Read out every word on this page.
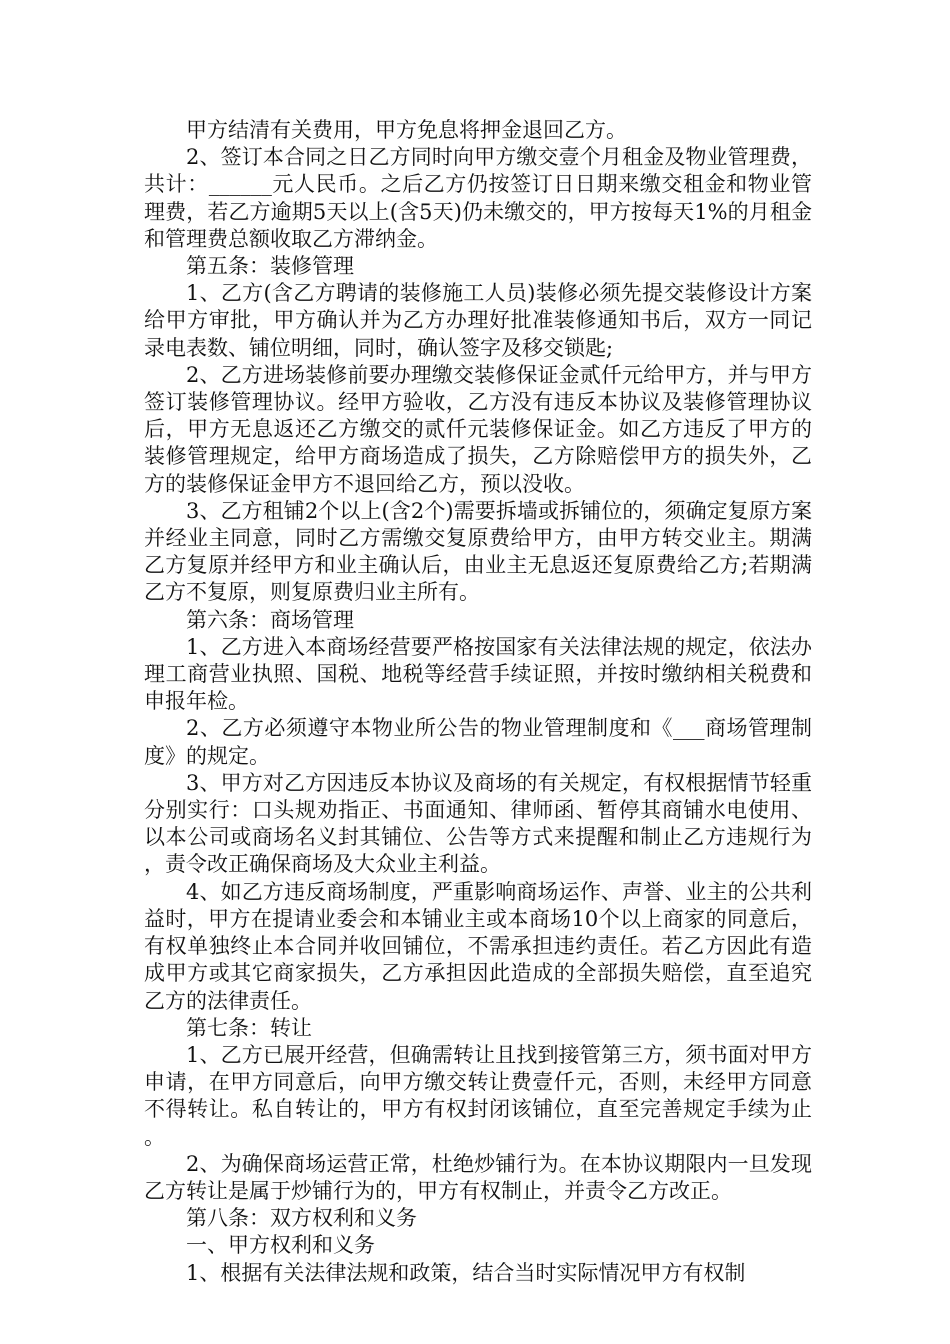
甲方结清有关费用，甲方免息将押金退回乙方。

2、签订本合同之日乙方同时向甲方缴交壹个月租金及物业管理费，共计：______元人民币。之后乙方仍按签订日日期来缴交租金和物业管理费，若乙方逾期5天以上(含5天)仍未缴交的，甲方按每天1%的月租金和管理费总额收取乙方滞纳金。

第五条：装修管理

1、乙方(含乙方聘请的装修施工人员)装修必须先提交装修设计方案给甲方审批，甲方确认并为乙方办理好批准装修通知书后，双方一同记录电表数、铺位明细，同时，确认签字及移交锁匙;

2、乙方进场装修前要办理缴交装修保证金贰仟元给甲方，并与甲方签订装修管理协议。经甲方验收，乙方没有违反本协议及装修管理协议后，甲方无息返还乙方缴交的贰仟元装修保证金。如乙方违反了甲方的装修管理规定，给甲方商场造成了损失，乙方除赔偿甲方的损失外，乙方的装修保证金甲方不退回给乙方，预以没收。

3、乙方租铺2个以上(含2个)需要拆墙或拆铺位的，须确定复原方案并经业主同意，同时乙方需缴交复原费给甲方，由甲方转交业主。期满乙方复原并经甲方和业主确认后，由业主无息返还复原费给乙方;若期满乙方不复原，则复原费归业主所有。

第六条：商场管理

1、乙方进入本商场经营要严格按国家有关法律法规的规定，依法办理工商营业执照、国税、地税等经营手续证照，并按时缴纳相关税费和申报年检。

2、乙方必须遵守本物业所公告的物业管理制度和《___商场管理制度》的规定。

3、甲方对乙方因违反本协议及商场的有关规定，有权根据情节轻重分别实行：口头规劝指正、书面通知、律师函、暂停其商铺水电使用、以本公司或商场名义封其铺位、公告等方式来提醒和制止乙方违规行为，责令改正确保商场及大众业主利益。

4、如乙方违反商场制度，严重影响商场运作、声誉、业主的公共利益时，甲方在提请业委会和本铺业主或本商场10个以上商家的同意后，有权单独终止本合同并收回铺位，不需承担违约责任。若乙方因此有造成甲方或其它商家损失，乙方承担因此造成的全部损失赔偿，直至追究乙方的法律责任。

第七条：转让

1、乙方已展开经营，但确需转让且找到接管第三方，须书面对甲方申请，在甲方同意后，向甲方缴交转让费壹仟元，否则，未经甲方同意不得转让。私自转让的，甲方有权封闭该铺位，直至完善规定手续为止。

2、为确保商场运营正常，杜绝炒铺行为。在本协议期限内一旦发现乙方转让是属于炒铺行为的，甲方有权制止，并责令乙方改正。

第八条：双方权利和义务

一、甲方权利和义务

1、根据有关法律法规和政策，结合当时实际情况甲方有权制
